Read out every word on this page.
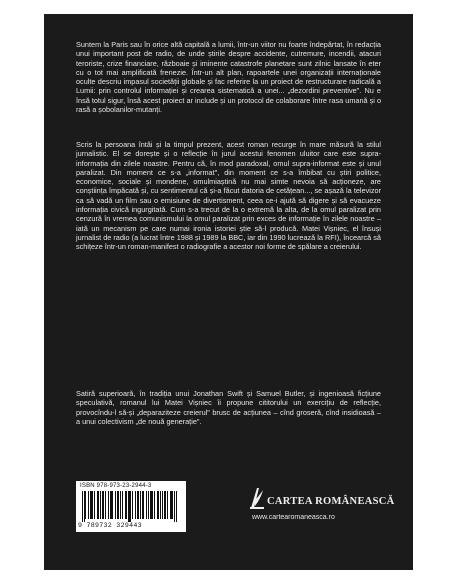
Suntem la Paris sau în orice altă capitală a lumii, într-un viitor nu foarte îndepărtat, în redacția unui important post de radio, de unde știrile despre accidente, cutremure, incendii, atacuri teroriste, crize financiare, războaie și iminente catastrofe planetare sunt zilnic lansate în eter cu o tot mai amplificată frenezie. Într-un alt plan, rapoartele unei organizații internaționale oculte descriu impasul societății globale și fac referire la un proiect de restructurare radicală a Lumii: prin controlul informației și crearea sistematică a unei... „dezordini preventive". Nu e însă totul sigur, însă acest proiect ar include și un protocol de colaborare între rasa umană și o rasă a șobolanilor-mutanți.

Scris la persoana întâi și la timpul prezent, acest roman recurge în mare măsură la stilul jurnalistic. El se dorește și o reflecție în jurul acestui fenomen uluitor care este supra-informația din zilele noastre. Pentru că, în mod paradoxal, omul supra-informat este și unul paralizat. Din moment ce s-a „informat", din moment ce s-a îmbibat cu știri politice, economice, sociale și mondene, omulmiaștină nu mai simte nevoia să acționeze, are conștiința împăcată și, cu sentimentul că și-a făcut datoria de cetățean..., se așază la televizor ca să vadă un film sau o emisiune de divertisment, ceea ce-i ajută să digere și să evacueze informația civică ingurgitată. Cum s-a trecut de la o extremă la alta, de la omul paralizat prin cenzură în vremea comunismului la omul paralizat prin exces de informație în zilele noastre – iată un mecanism pe care numai ironia istoriei știe să-l producă. Matei Vișniec, el însuși jurnalist de radio (a lucrat între 1988 și 1989 la BBC, iar din 1990 lucrează la RFI), încearcă să schițeze într-un roman-manifest o radiografie a acestor noi forme de spălare a creierului.

Satiră superioară, în tradiția unui Jonathan Swift și Samuel Butler, și ingenioasă ficțiune speculativă, romanul lui Matei Vișniec îi propune cititorului un exercițiu de reflecție, provocîndu-l să-și „deparaziteze creierul" brusc de acțiunea – cînd groseră, cînd insidioasă – a unui colectivism „de nouă generație".

ISBN 978-973-23-2944-3
9 789732 329443
CARTEA ROMÂNEASCĂ
www.cartearomaneasca.ro
